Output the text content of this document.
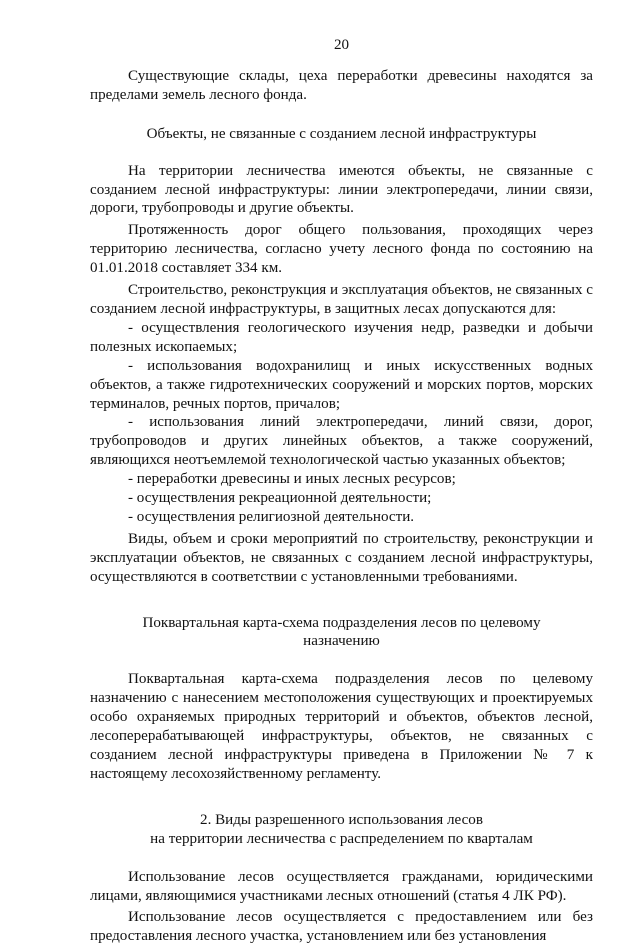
20

Существующие склады, цеха переработки древесины находятся за пределами земель лесного фонда.

Объекты, не связанные с созданием лесной инфраструктуры

На территории лесничества имеются объекты, не связанные с созданием лесной инфраструктуры: линии электропередачи, линии связи, дороги, трубопроводы и другие объекты.

Протяженность дорог общего пользования, проходящих через территорию лесничества, согласно учету лесного фонда по состоянию на 01.01.2018 составляет 334 км.

Строительство, реконструкция и эксплуатация объектов, не связанных с созданием лесной инфраструктуры, в защитных лесах допускаются для:

- осуществления геологического изучения недр, разведки и добычи полезных ископаемых;

- использования водохранилищ и иных искусственных водных объектов, а также гидротехнических сооружений и морских портов, морских терминалов, речных портов, причалов;

- использования линий электропередачи, линий связи, дорог, трубопроводов и других линейных объектов, а также сооружений, являющихся неотъемлемой технологической частью указанных объектов;

- переработки древесины и иных лесных ресурсов;

- осуществления рекреационной деятельности;

- осуществления религиозной деятельности.

Виды, объем и сроки мероприятий по строительству, реконструкции и эксплуатации объектов, не связанных с созданием лесной инфраструктуры, осуществляются в соответствии с установленными требованиями.

Поквартальная карта-схема подразделения лесов по целевому
назначению

Поквартальная карта-схема подразделения лесов по целевому назначению с нанесением местоположения существующих и проектируемых особо охраняемых природных территорий и объектов, объектов лесной, лесоперерабатывающей инфраструктуры, объектов, не связанных с созданием лесной инфраструктуры приведена в Приложении № 7 к настоящему лесохозяйственному регламенту.

2. Виды разрешенного использования лесов
на территории лесничества с распределением по кварталам

Использование лесов осуществляется гражданами, юридическими лицами, являющимися участниками лесных отношений (статья 4 ЛК РФ).

Использование лесов осуществляется с предоставлением или без предоставления лесного участка, установлением или без установления
